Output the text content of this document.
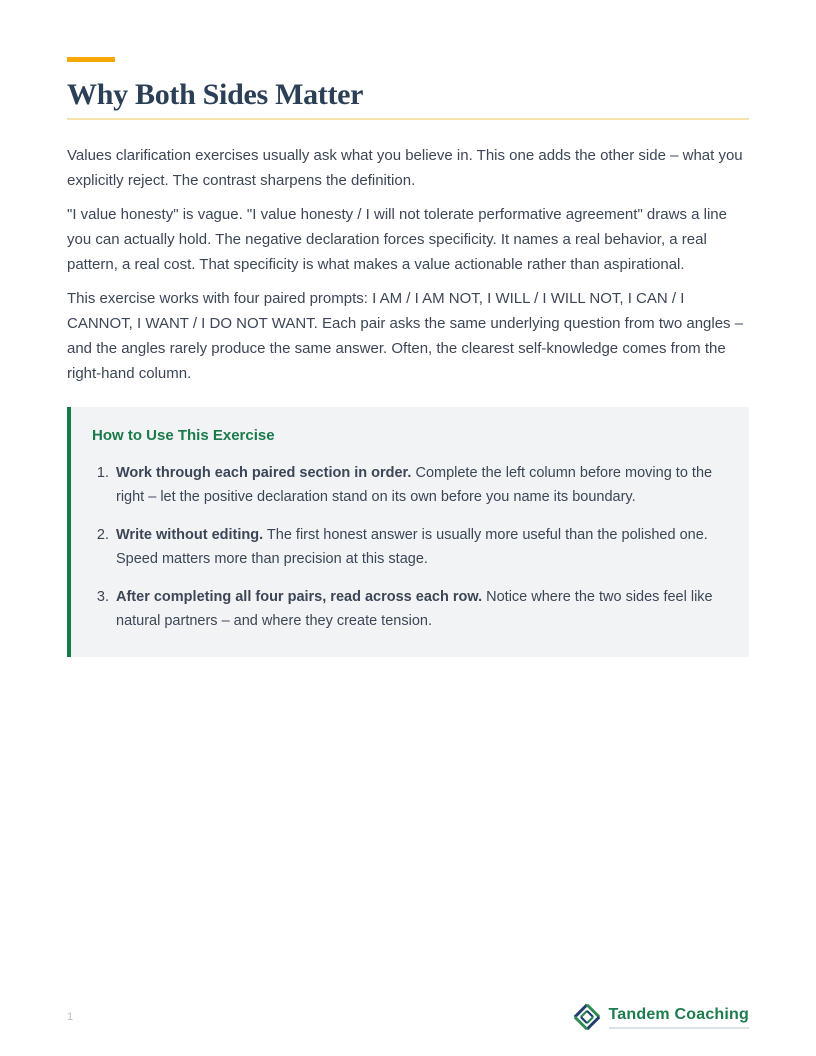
Why Both Sides Matter

Values clarification exercises usually ask what you believe in. This one adds the other side – what you explicitly reject. The contrast sharpens the definition.

"I value honesty" is vague. "I value honesty / I will not tolerate performative agreement" draws a line you can actually hold. The negative declaration forces specificity. It names a real behavior, a real pattern, a real cost. That specificity is what makes a value actionable rather than aspirational.

This exercise works with four paired prompts: I AM / I AM NOT, I WILL / I WILL NOT, I CAN / I CANNOT, I WANT / I DO NOT WANT. Each pair asks the same underlying question from two angles – and the angles rarely produce the same answer. Often, the clearest self-knowledge comes from the right-hand column.

How to Use This Exercise
1. Work through each paired section in order. Complete the left column before moving to the right – let the positive declaration stand on its own before you name its boundary.
2. Write without editing. The first honest answer is usually more useful than the polished one. Speed matters more than precision at this stage.
3. After completing all four pairs, read across each row. Notice where the two sides feel like natural partners – and where they create tension.
1	Tandem Coaching
